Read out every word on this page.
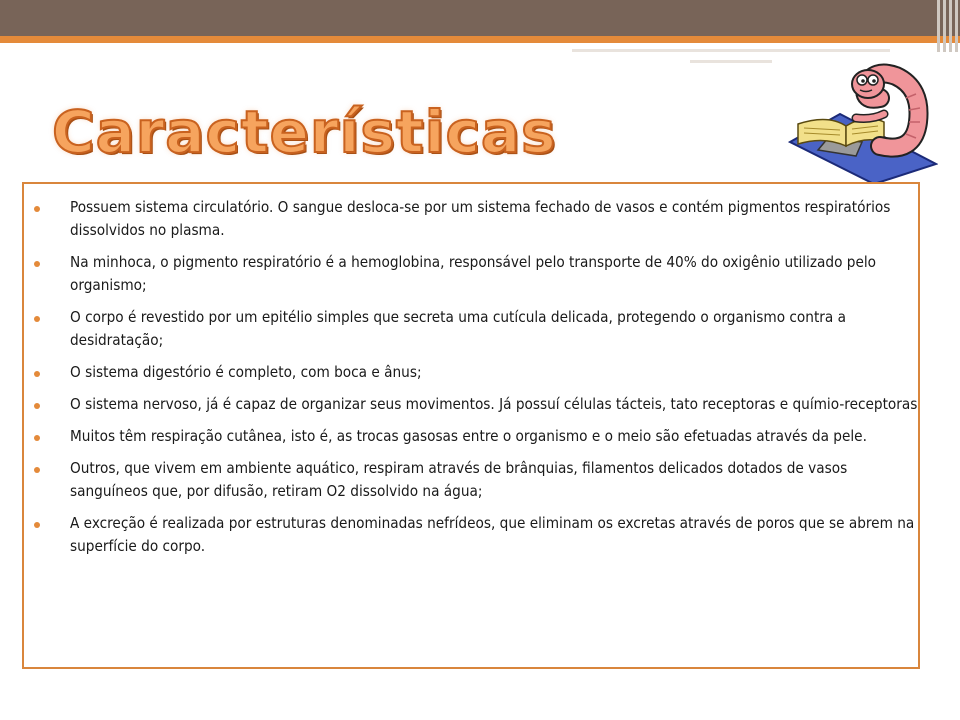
Características
Possuem sistema circulatório. O sangue desloca-se por um sistema fechado de vasos e contém pigmentos respiratórios dissolvidos no plasma.
Na minhoca, o pigmento respiratório é a hemoglobina, responsável pelo transporte de 40% do oxigênio utilizado pelo organismo;
O corpo é revestido por um epitélio simples que secreta uma cutícula delicada, protegendo o organismo contra a desidratação;
O sistema digestório é completo, com boca e ânus;
O sistema nervoso, já é capaz de organizar seus movimentos. Já possuí células tácteis, tato receptoras e químio-receptoras
Muitos têm respiração cutânea, isto é, as trocas gasosas entre o organismo e o meio são efetuadas através da pele.
Outros, que vivem em ambiente aquático, respiram através de brânquias, filamentos delicados dotados de vasos sanguíneos que, por difusão, retiram O2 dissolvido na água;
A excreção é realizada por estruturas denominadas nefrídeos, que eliminam os excretas através de poros que se abrem na superfície do corpo.
